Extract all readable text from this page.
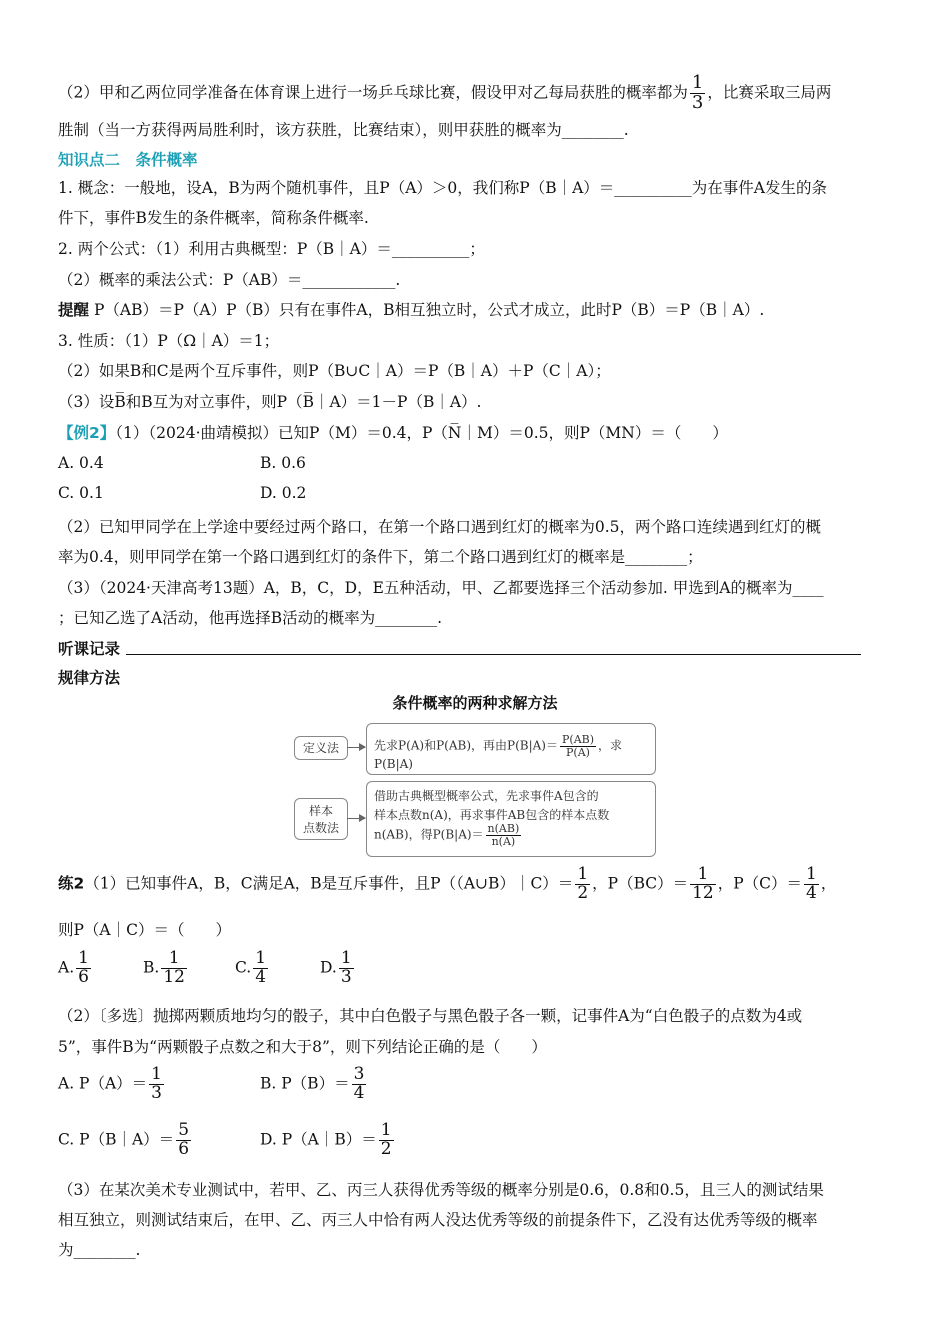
（2）甲和乙两位同学准备在体育课上进行一场乒乓球比赛，假设甲对乙每局获胜的概率都为 $\frac{1}{3}$ ，比赛采取三局两
胜制（当一方获得两局胜利时，该方获胜，比赛结束），则甲获胜的概率为________.
知识点二　条件概率
1. 概念：一般地，设A，B为两个随机事件，且P（A）＞0，我们称P（B｜A）＝__________为在事件A发生的条
件下，事件B发生的条件概率，简称条件概率.
2. 两个公式：（1）利用古典概型：P（B｜A）＝__________；
（2）概率的乘法公式：P（AB）＝____________.
提醒 P（AB）＝P（A）P（B）只有在事件A，B相互独立时，公式才成立，此时P（B）＝P（B｜A）.
3. 性质：（1）P（Ω｜A）＝1；
（2）如果B和C是两个互斥事件，则P（B∪C｜A）＝P（B｜A）＋P（C｜A）；
（3）设B̅和B互为对立事件，则P（B̅｜A）＝1－P（B｜A）.
【例2】（1）（2024·曲靖模拟）已知P（M）＝0.4，P（N̅｜M）＝0.5，则P（MN）＝（　　）
A. 0.4	B. 0.6
C. 0.1	D. 0.2
（2）已知甲同学在上学途中要经过两个路口，在第一个路口遇到红灯的概率为0.5，两个路口连续遇到红灯的概
率为0.4，则甲同学在第一个路口遇到红灯的条件下，第二个路口遇到红灯的概率是________；
（3）（2024·天津高考13题）A，B，C，D，E五种活动，甲、乙都要选择三个活动参加. 甲选到A的概率为____
；已知乙选了A活动，他再选择B活动的概率为________.
听课记录
规律方法
条件概率的两种求解方法
定义法	先求P(A)和P(AB)，再由$P(B|A)= \frac{P(AB)}{P(A)}$ ，求
P(B|A)
样本
点数法
借助古典概型概率公式，先求事件A包含的
样本点数n(A)，再求事件AB包含的样本点数
n(AB)，得$P(B|A)= \frac{n(AB)}{n(A)}$
练2（1）已知事件A，B，C满足A，B是互斥事件，且P（（A∪B）｜C）＝ $\frac{1}{2}$ ，$P(BC)= \frac{1}{12}$ ，$P(C)= \frac{1}{4}$ ，
则P（A｜C）＝（　　）
A. $\frac{1}{6}$	B. $\frac{1}{12}$	C. $\frac{1}{4}$	D. $\frac{1}{3}$
（2）〔多选〕抛掷两颗质地均匀的骰子，其中白色骰子与黑色骰子各一颗，记事件A为“白色骰子的点数为4或
5”，事件B为“两颗骰子点数之和大于8”，则下列结论正确的是（　　）
A. $P(A)= \frac{1}{3}$	B. $P(B)= \frac{3}{4}$
C. P（B｜A）＝ $\frac{5}{6}$	D. P（A｜B）＝ $\frac{1}{2}$
（3）在某次美术专业测试中，若甲、乙、丙三人获得优秀等级的概率分别是0.6，0.8和0.5，且三人的测试结果
相互独立，则测试结束后，在甲、乙、丙三人中恰有两人没达优秀等级的前提条件下，乙没有达优秀等级的概率
为________.
